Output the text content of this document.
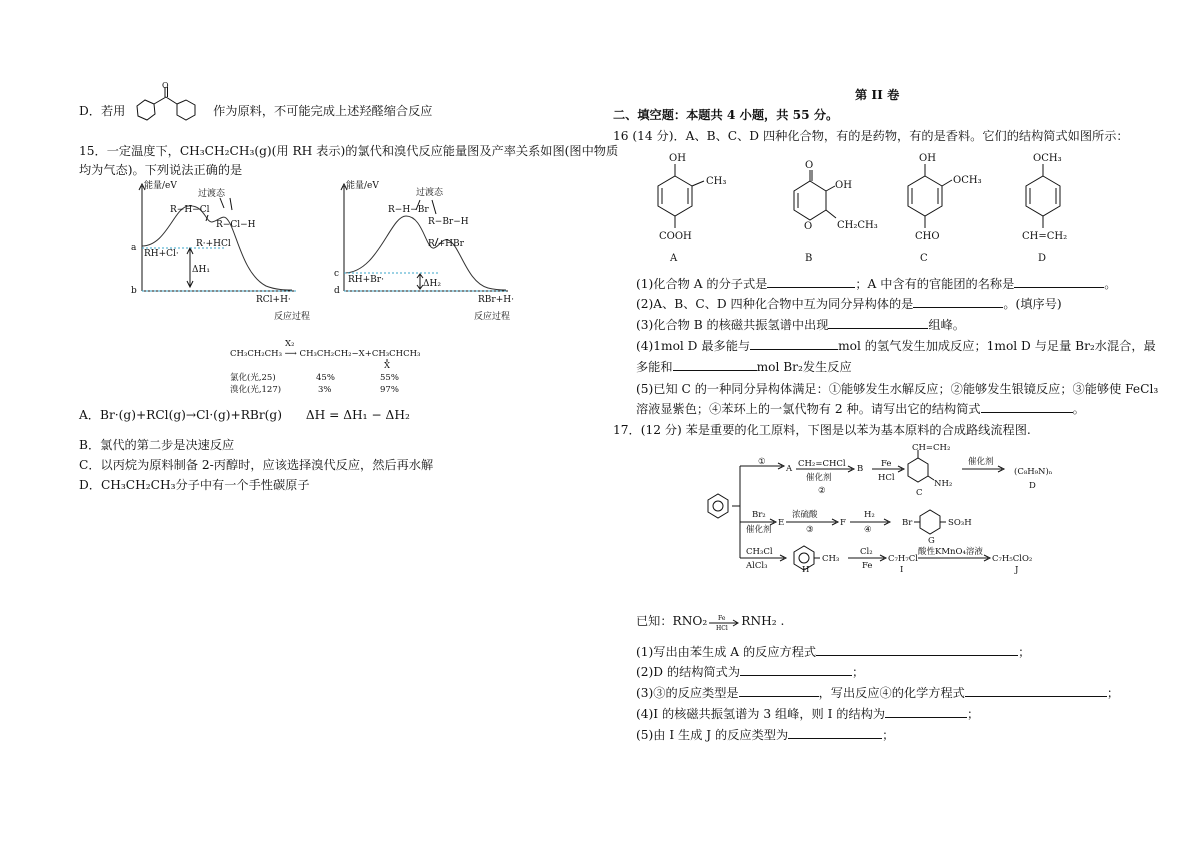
D．若用
O
作为原料，不可能完成上述羟醛缩合反应
15．一定温度下，CH₃CH₂CH₃(g)(用 RH 表示)的氯代和溴代反应能量图及产率关系如图(图中物质
均为气态)。下列说法正确的是
能量/eV
过渡态
R−H−Cl
R−Cl−H
R·+HCl
RH+Cl·
ΔH₁
a
b
RCl+H·
反应过程
能量/eV
过渡态
R−H−Br
R−Br−H
R·+HBr
RH+Br·	ΔH₂
c
d
RBr+H·
反应过程
X₂
CH₃CH₂CH₃ ⟶ CH₃CH₂CH₂−X+CH₃CHCH₃
X
氯化(光,25)	45%	55%
溴化(光,127)	3%	97%
A．Br·(g)+RCl(g)→Cl·(g)+RBr(g) ΔH = ΔH₁ − ΔH₂
B．氯代的第二步是决速反应
C．以丙烷为原料制备 2-丙醇时，应该选择溴代反应，然后再水解
D．CH₃CH₂CH₃分子中有一个手性碳原子
第 II 卷
二、填空题：本题共 4 小题，共 55 分。
16 (14 分)．A、B、C、D 四种化合物，有的是药物，有的是香料。它们的结构简式如图所示：
OH
CH₃
COOH
A
O
OH
O CH₂CH₃
B
OH
OCH₃
CHO
C
OCH₃
CH=CH₂
D
(1)化合物 A 的分子式是	；A 中含有的官能团的名称是	。
(2)A、B、C、D 四种化合物中互为同分异构体的是	。(填序号)
(3)化合物 B 的核磁共振氢谱中出现	组峰。
(4)1mol D 最多能与	mol 的氢气发生加成反应；1mol D 与足量 Br₂水混合，最
多能和	mol Br₂发生反应
(5)已知 C 的一种同分异构体满足：①能够发生水解反应；②能够发生银镜反应；③能够使 FeCl₃
溶液显紫色；④苯环上的一氯代物有 2 种。请写出它的结构简式	。
17．(12 分) 苯是重要的化工原料，下图是以苯为基本原料的合成路线流程图.
①
A CH₂=CHCl
催化剂
②
B Fe
HCl
CH=CH₂
NH₂
C
催化剂
(C₈H₉N)ₙ
D
Br₂
催化剂
E
浓硫酸
③
F
H₂
④
Br	SO₃H
G
CH₃Cl
AlCl₃
CH₃
H
Cl₂
Fe
C₇H₇Cl
I
酸性KMnO₄溶液
C₇H₅ClO₂
J
已知：RNO₂ Fe
HCl RNH₂ .
(1)写出由苯生成 A 的反应方程式	；
(2)D 的结构简式为	；
(3)③的反应类型是	，写出反应④的化学方程式	；
(4)I 的核磁共振氢谱为 3 组峰，则 I 的结构为	；
(5)由 I 生成 J 的反应类型为	；
